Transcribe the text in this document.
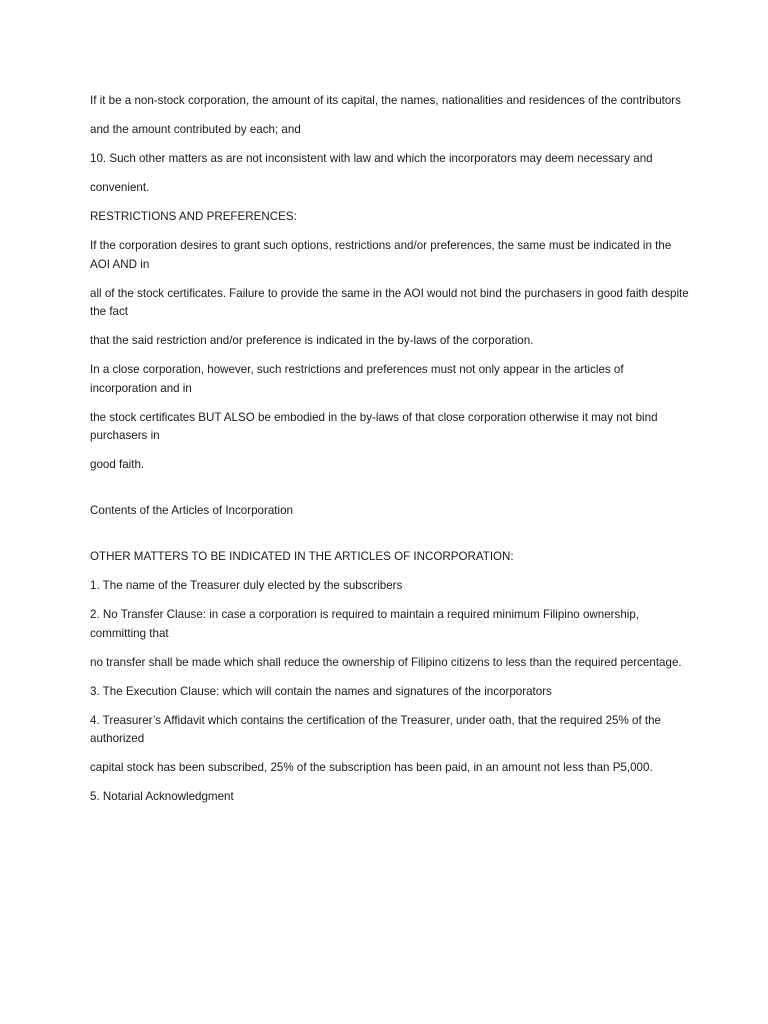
If it be a non-stock corporation, the amount of its capital, the names, nationalities and residences of the contributors

and the amount contributed by each; and

10. Such other matters as are not inconsistent with law and which the incorporators may deem necessary and

convenient.

RESTRICTIONS AND PREFERENCES:

If the corporation desires to grant such options, restrictions and/or preferences, the same must be indicated in the AOI AND in

all of the stock certificates. Failure to provide the same in the AOI would not bind the purchasers in good faith despite the fact

that the said restriction and/or preference is indicated in the by-laws of the corporation.

In a close corporation, however, such restrictions and preferences must not only appear in the articles of incorporation and in

the stock certificates BUT ALSO be embodied in the by-laws of that close corporation otherwise it may not bind purchasers in

good faith.

Contents of the Articles of Incorporation

OTHER MATTERS TO BE INDICATED IN THE ARTICLES OF INCORPORATION:

1. The name of the Treasurer duly elected by the subscribers

2. No Transfer Clause: in case a corporation is required to maintain a required minimum Filipino ownership, committing that

no transfer shall be made which shall reduce the ownership of Filipino citizens to less than the required percentage.

3. The Execution Clause: which will contain the names and signatures of the incorporators

4. Treasurer’s Affidavit which contains the certification of the Treasurer, under oath, that the required 25% of the authorized

capital stock has been subscribed, 25% of the subscription has been paid, in an amount not less than P5,000.

5. Notarial Acknowledgment
